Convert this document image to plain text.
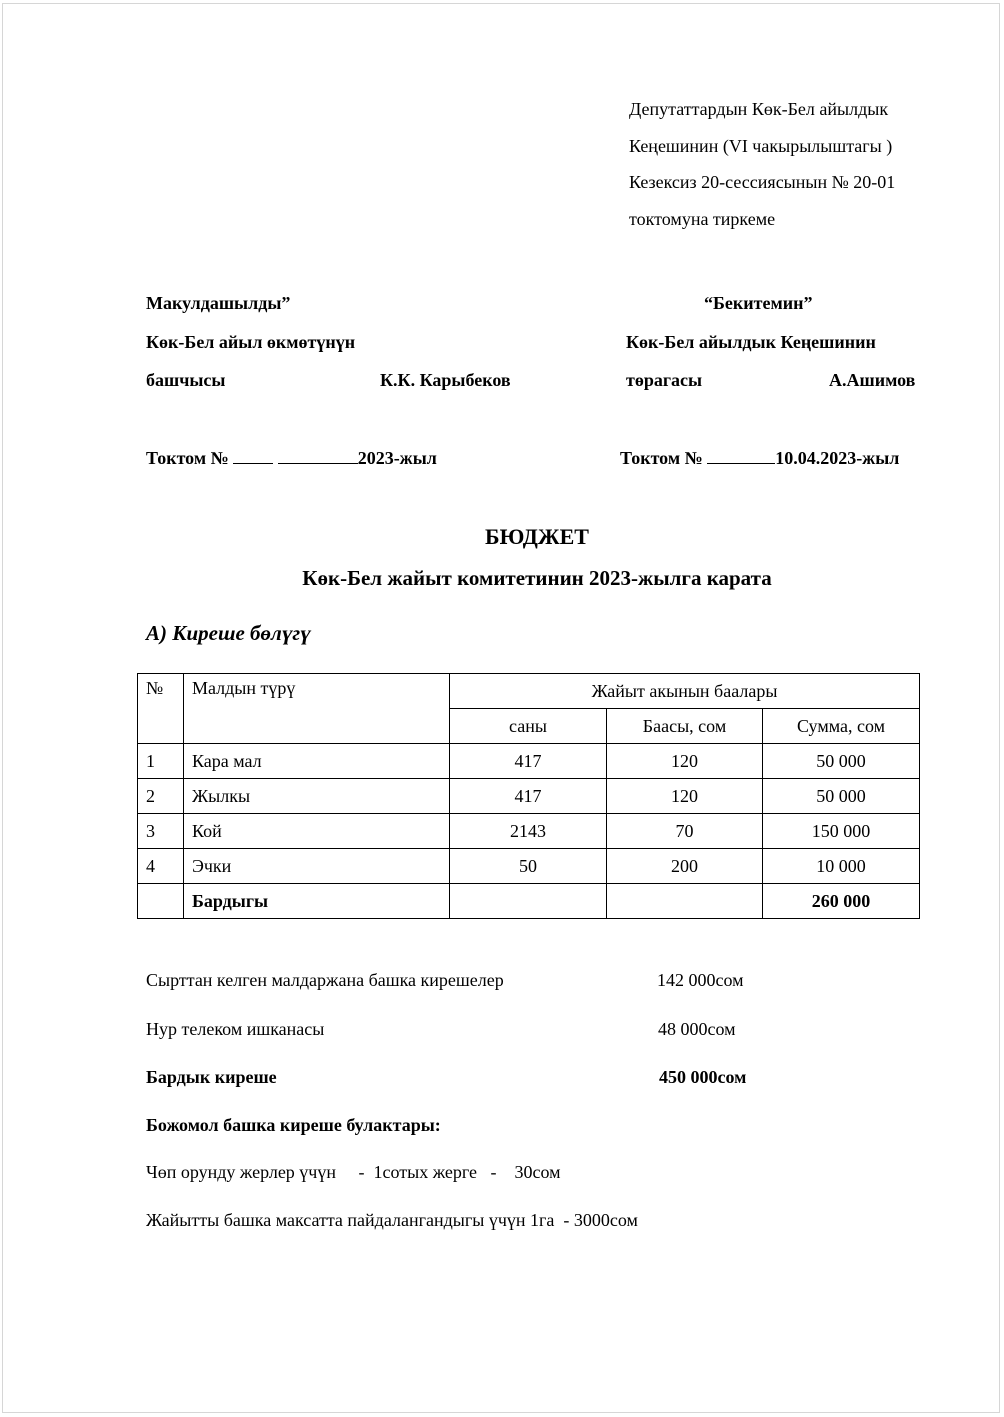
Депутаттардын Көк-Бел айылдык
Кеңешинин (VI чакырылыштагы )
Кезексиз 20-сессиясынын № 20-01
токтомуна тиркеме
Макулдашылды”
Көк-Бел айыл өкмөтүнүн
башчысы	К.К. Карыбеков
Токтом №	2023-жыл
“Бекитемин”
Көк-Бел айылдык Кеңешинин
төрагасы	А.Ашимов
Токтом №	10.04.2023-жыл
БЮДЖЕТ
Көк-Бел жайыт комитетинин 2023-жылга карата
А) Кирешe бөлүгү
№	Малдын түрү	Жайыт акынын баалары		
		саны	Баасы, сом	Сумма, сом
1	Кара мал	417	120	50 000
2	Жылкы	417	120	50 000
3	Кой	2143	70	150 000
4	Эчки	50	200	10 000
	Бардыгы			260 000
Сырттан келген малдаржана башка кирешелер	142 000сом
Нур телеком ишканасы	48 000сом
Бардык киреше	450 000сом
Божомол башка киреше булактары:
Чөп орунду жерлер үчүн     -  1сотых жерге   -    30сом
Жайытты башка максатта пайдалангандыгы үчүн 1га  - 3000сом
